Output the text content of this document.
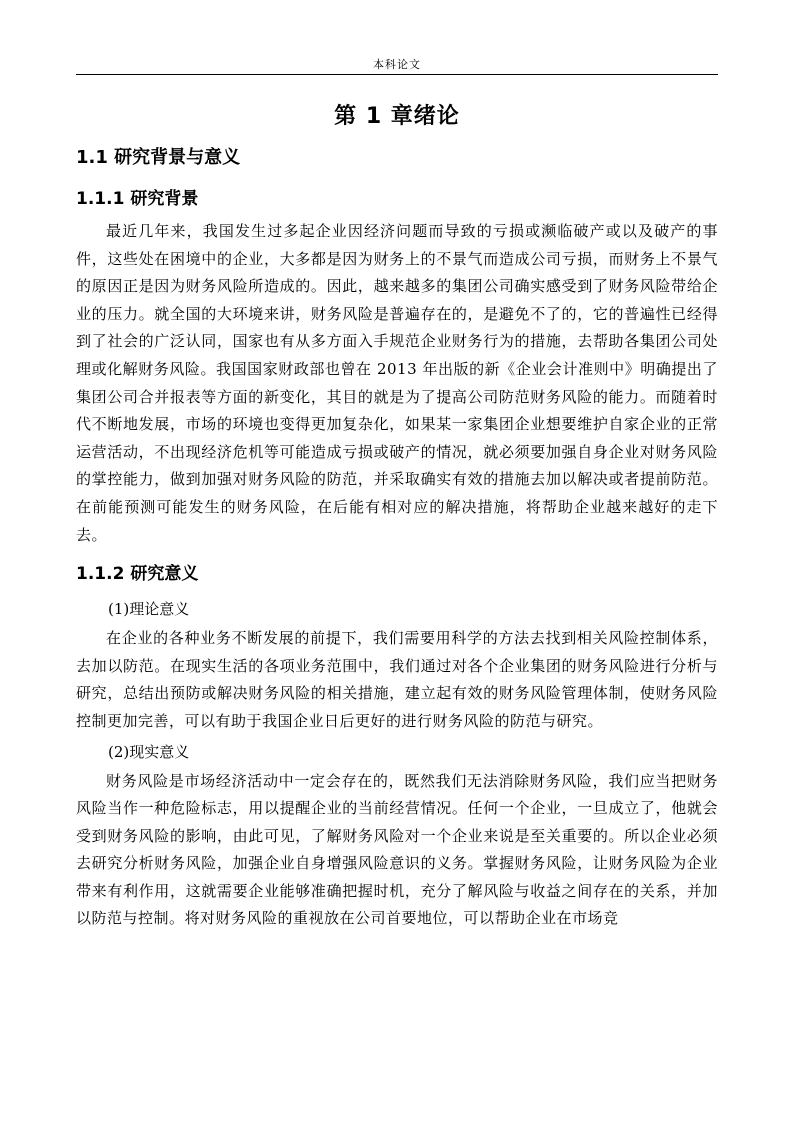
本科论文
第 1 章绪论
1.1 研究背景与意义
1.1.1 研究背景

最近几年来，我国发生过多起企业因经济问题而导致的亏损或濒临破产或以及破产的事件，这些处在困境中的企业，大多都是因为财务上的不景气而造成公司亏损，而财务上不景气的原因正是因为财务风险所造成的。因此，越来越多的集团公司确实感受到了财务风险带给企业的压力。就全国的大环境来讲，财务风险是普遍存在的，是避免不了的，它的普遍性已经得到了社会的广泛认同，国家也有从多方面入手规范企业财务行为的措施，去帮助各集团公司处理或化解财务风险。我国国家财政部也曾在 2013 年出版的新《企业会计准则中》明确提出了集团公司合并报表等方面的新变化，其目的就是为了提高公司防范财务风险的能力。而随着时代不断地发展，市场的环境也变得更加复杂化，如果某一家集团企业想要维护自家企业的正常运营活动，不出现经济危机等可能造成亏损或破产的情况，就必须要加强自身企业对财务风险的掌控能力，做到加强对财务风险的防范，并采取确实有效的措施去加以解决或者提前防范。在前能预测可能发生的财务风险，在后能有相对应的解决措施，将帮助企业越来越好的走下去。

1.1.2 研究意义

(1)理论意义

在企业的各种业务不断发展的前提下，我们需要用科学的方法去找到相关风险控制体系，去加以防范。在现实生活的各项业务范围中，我们通过对各个企业集团的财务风险进行分析与研究，总结出预防或解决财务风险的相关措施，建立起有效的财务风险管理体制，使财务风险控制更加完善，可以有助于我国企业日后更好的进行财务风险的防范与研究。

(2)现实意义

财务风险是市场经济活动中一定会存在的，既然我们无法消除财务风险，我们应当把财务风险当作一种危险标志，用以提醒企业的当前经营情况。任何一个企业，一旦成立了，他就会受到财务风险的影响，由此可见，了解财务风险对一个企业来说是至关重要的。所以企业必须去研究分析财务风险，加强企业自身增强风险意识的义务。掌握财务风险，让财务风险为企业带来有利作用，这就需要企业能够准确把握时机，充分了解风险与收益之间存在的关系，并加以防范与控制。将对财务风险的重视放在公司首要地位，可以帮助企业在市场竞
